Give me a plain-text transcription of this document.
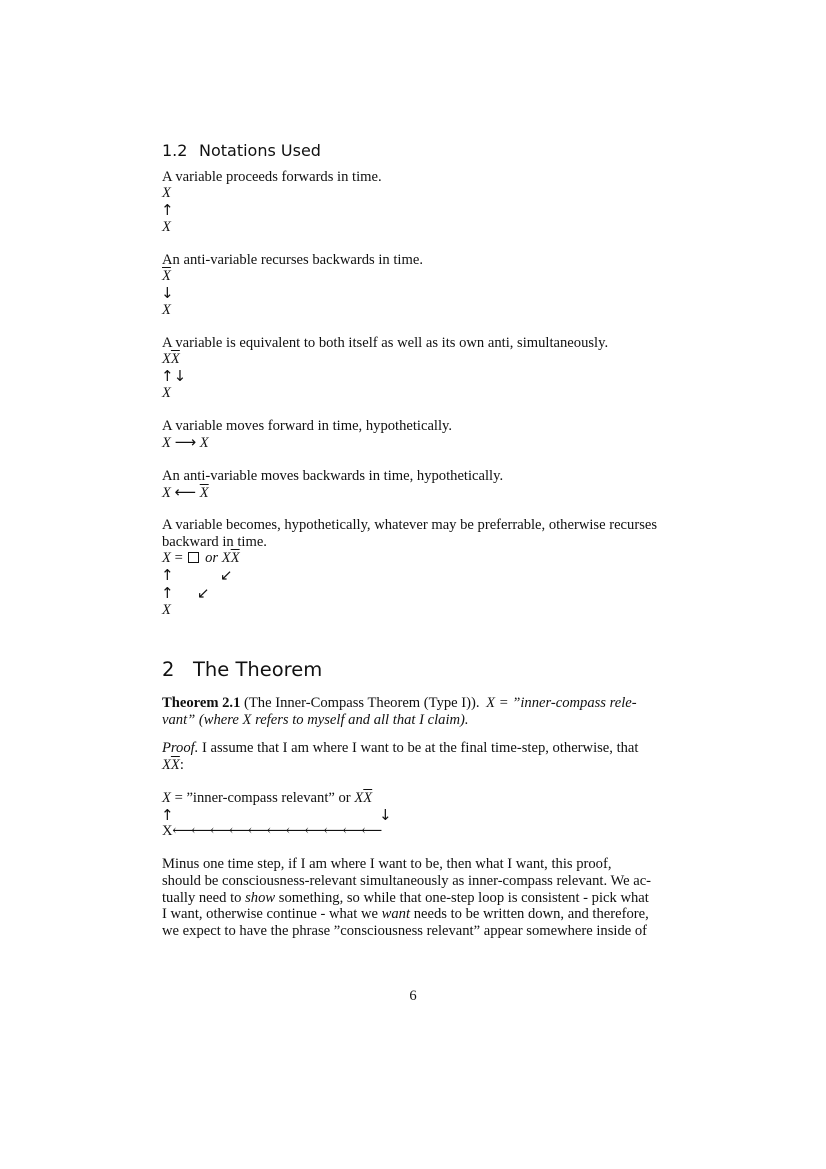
1.2 Notations Used
A variable proceeds forwards in time.
X
↑
X
An anti-variable recurses backwards in time.
$\overline{X}$
↓
X
A variable is equivalent to both itself as well as its own anti, simultaneously.
$X\overline{X}$
↑↓
X
A variable moves forward in time, hypothetically.
X ⟶ X
An anti-variable moves backwards in time, hypothetically.
X ⟵ $\overline{X}$
A variable becomes, hypothetically, whatever may be preferrable, otherwise recurses
backward in time.
X = or $X\overline{X}$
↑	↙
↑ ↙
X
2 The Theorem
Theorem 2.1 (The Inner-Compass Theorem (Type I)). X = ”inner-compass rele-
vant” (where X refers to myself and all that I claim).
Proof. I assume that I am where I want to be at the final time-step, otherwise, that
$X\overline{X}$:
X = ”inner-compass relevant” or $X\overline{X}$
↑	↓
X ⟵⟵⟵⟵⟵⟵⟵⟵⟵⟵⟵
Minus one time step, if I am where I want to be, then what I want, this proof,
should be consciousness-relevant simultaneously as inner-compass relevant. We ac-
tually need to show something, so while that one-step loop is consistent - pick what
I want, otherwise continue - what we want needs to be written down, and therefore,
we expect to have the phrase ”consciousness relevant” appear somewhere inside of
6
